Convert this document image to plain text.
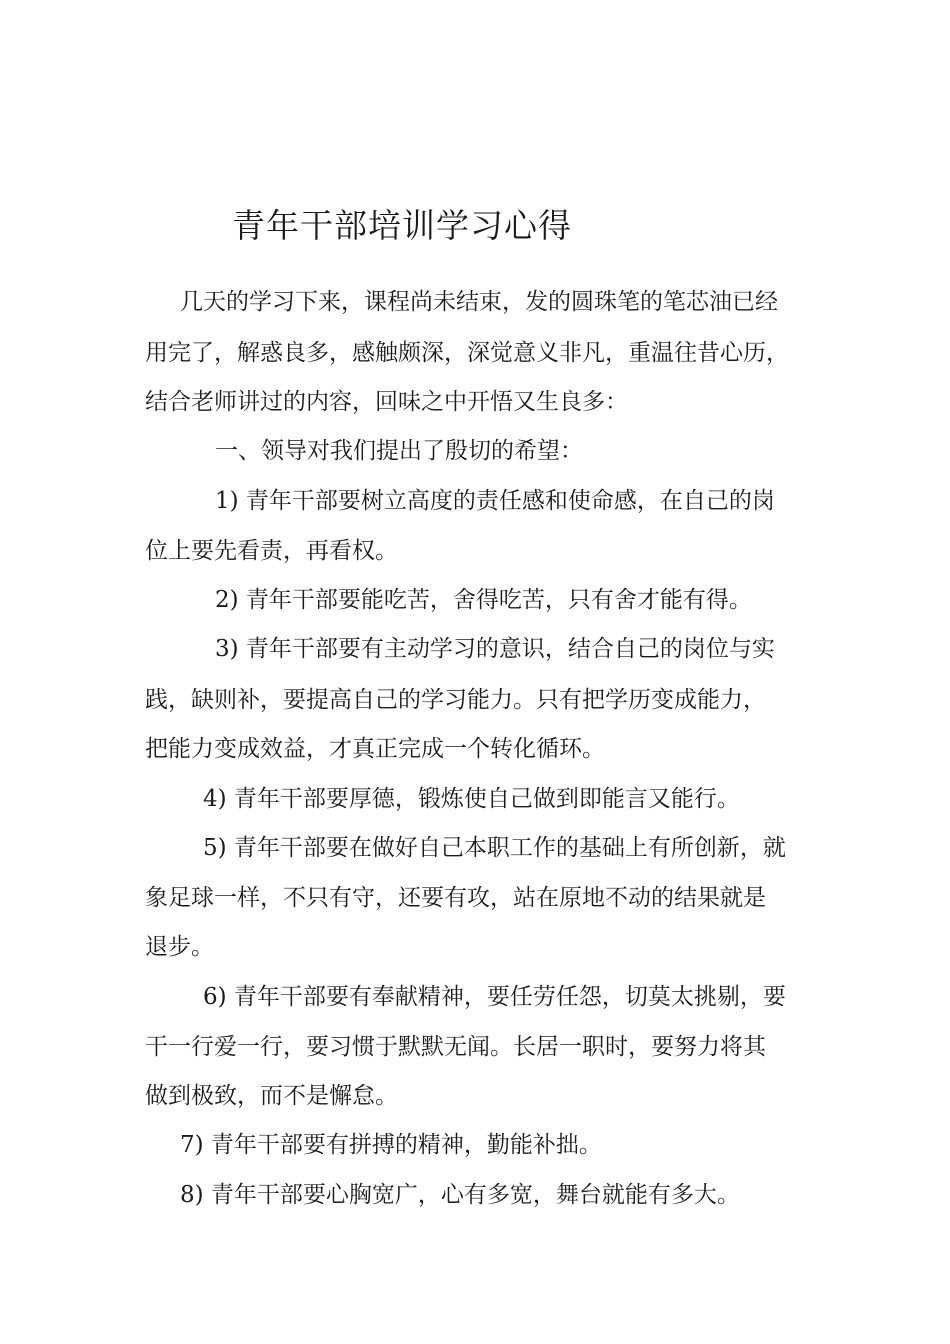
青年干部培训学习心得
几天的学习下来，课程尚未结束，发的圆珠笔的笔芯油已经
用完了，解惑良多，感触颇深，深觉意义非凡，重温往昔心历，
结合老师讲过的内容，回味之中开悟又生良多：
一、领导对我们提出了殷切的希望：
1) 青年干部要树立高度的责任感和使命感，在自己的岗
位上要先看责，再看权。
2) 青年干部要能吃苦，舍得吃苦，只有舍才能有得。
3) 青年干部要有主动学习的意识，结合自己的岗位与实
践，缺则补，要提高自己的学习能力。只有把学历变成能力，
把能力变成效益，才真正完成一个转化循环。
4) 青年干部要厚德，锻炼使自己做到即能言又能行。
5) 青年干部要在做好自己本职工作的基础上有所创新，就
象足球一样，不只有守，还要有攻，站在原地不动的结果就是
退步。
6) 青年干部要有奉献精神，要任劳任怨，切莫太挑剔，要
干一行爱一行，要习惯于默默无闻。长居一职时，要努力将其
做到极致，而不是懈怠。
7) 青年干部要有拼搏的精神，勤能补拙。
8) 青年干部要心胸宽广，心有多宽，舞台就能有多大。
